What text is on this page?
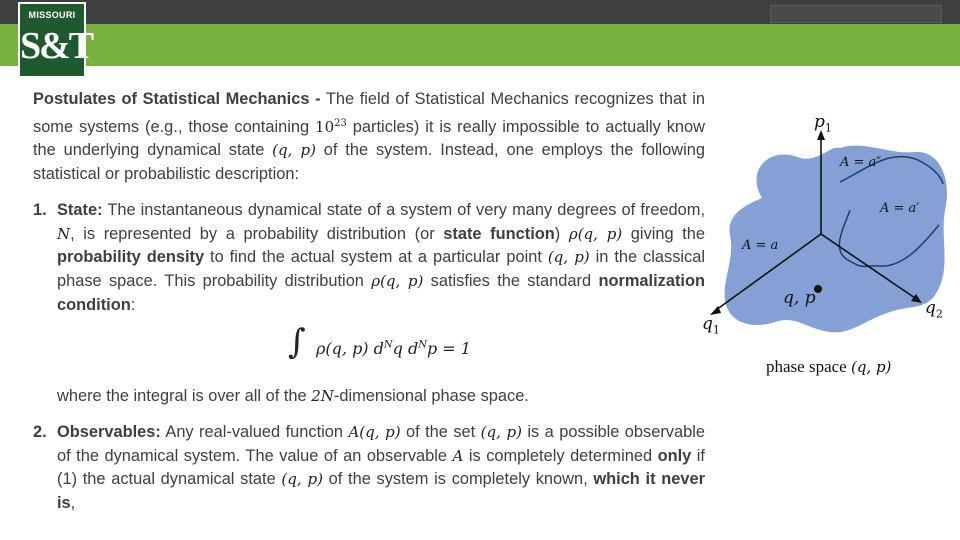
MISSOURI
S&T

Postulates of Statistical Mechanics - The field of Statistical Mechanics recognizes that in some systems (e.g., those containing $10^{23}$ particles) it is really impossible to actually know the underlying dynamical state (q, p) of the system. Instead, one employs the following statistical or probabilistic description:

1. State: The instantaneous dynamical state of a system of very many degrees of freedom, N, is represented by a probability distribution (or state function) ρ(q, p) giving the probability density to find the actual system at a particular point (q, p) in the classical phase space. This probability distribution ρ(q, p) satisfies the standard normalization condition:
where the integral is over all of the 2N-dimensional phase space.
2. Observables: Any real-valued function A(q, p) of the set (q, p) is a possible observable of the dynamical system. The value of an observable A is completely determined only if (1) the actual dynamical state (q, p) of the system is completely known, which it never is,
∫ ρ(q, p) $d^Nq$ $d^Np = 1$
$p_1$
A = a″
A = a′
A = a
q, p
$q_1$
$q_2$
phase space (q, p)
